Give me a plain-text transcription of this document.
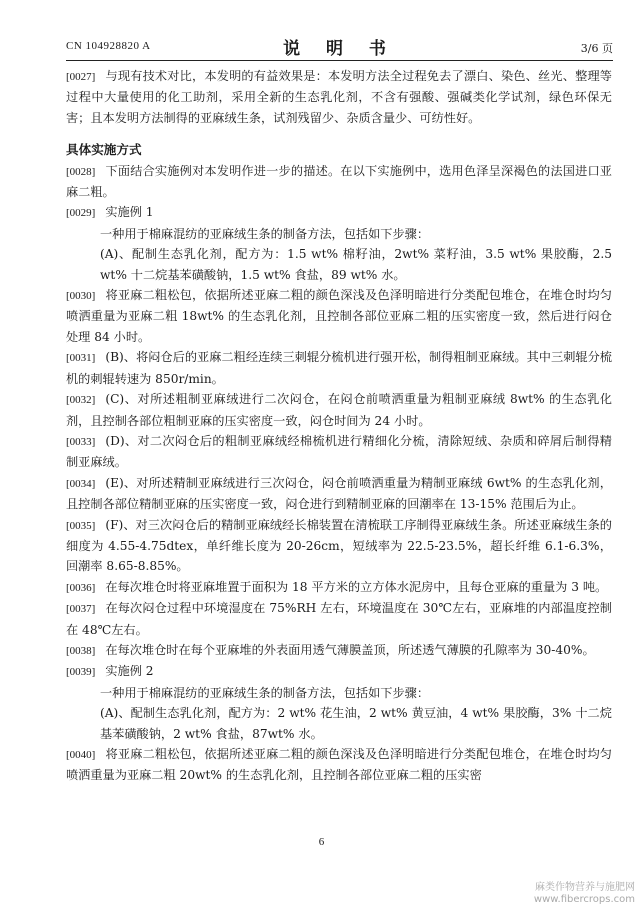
CN 104928820 A	说 明 书	3/6 页

[0027] 与现有技术对比，本发明的有益效果是：本发明方法全过程免去了漂白、染色、丝光、整理等过程中大量使用的化工助剂，采用全新的生态乳化剂，不含有强酸、强碱类化学试剂，绿色环保无害；且本发明方法制得的亚麻绒生条，试剂残留少、杂质含量少、可纺性好。

具体实施方式

[0028] 下面结合实施例对本发明作进一步的描述。在以下实施例中，选用色泽呈深褐色的法国进口亚麻二粗。

[0029] 实施例 1

一种用于棉麻混纺的亚麻绒生条的制备方法，包括如下步骤：

(A)、配制生态乳化剂，配方为：1.5 wt% 棉籽油，2wt% 菜籽油，3.5 wt% 果胶酶，2.5 wt% 十二烷基苯磺酸钠，1.5 wt% 食盐，89 wt% 水。

[0030] 将亚麻二粗松包，依据所述亚麻二粗的颜色深浅及色泽明暗进行分类配包堆仓，在堆仓时均匀喷洒重量为亚麻二粗 18wt% 的生态乳化剂，且控制各部位亚麻二粗的压实密度一致，然后进行闷仓处理 84 小时。

[0031] (B)、将闷仓后的亚麻二粗经连续三刺辊分梳机进行强开松，制得粗制亚麻绒。其中三刺辊分梳机的刺辊转速为 850r/min。

[0032] (C)、对所述粗制亚麻绒进行二次闷仓，在闷仓前喷洒重量为粗制亚麻绒 8wt% 的生态乳化剂，且控制各部位粗制亚麻的压实密度一致，闷仓时间为 24 小时。

[0033] (D)、对二次闷仓后的粗制亚麻绒经棉梳机进行精细化分梳，清除短绒、杂质和碎屑后制得精制亚麻绒。

[0034] (E)、对所述精制亚麻绒进行三次闷仓，闷仓前喷洒重量为精制亚麻绒 6wt% 的生态乳化剂，且控制各部位精制亚麻的压实密度一致，闷仓进行到精制亚麻的回潮率在 13-15% 范围后为止。

[0035] (F)、对三次闷仓后的精制亚麻绒经长棉装置在清梳联工序制得亚麻绒生条。所述亚麻绒生条的细度为 4.55-4.75dtex，单纤维长度为 20-26cm，短绒率为 22.5-23.5%，超长纤维 6.1-6.3%，回潮率 8.65-8.85%。

[0036] 在每次堆仓时将亚麻堆置于面积为 18 平方米的立方体水泥房中，且每仓亚麻的重量为 3 吨。

[0037] 在每次闷仓过程中环境湿度在 75%RH 左右，环境温度在 30℃左右，亚麻堆的内部温度控制在 48℃左右。

[0038] 在每次堆仓时在每个亚麻堆的外表面用透气薄膜盖顶，所述透气薄膜的孔隙率为 30-40%。

[0039] 实施例 2

一种用于棉麻混纺的亚麻绒生条的制备方法，包括如下步骤：

(A)、配制生态乳化剂，配方为：2 wt% 花生油，2 wt% 黄豆油，4 wt% 果胶酶，3% 十二烷基苯磺酸钠，2 wt% 食盐，87wt% 水。

[0040] 将亚麻二粗松包，依据所述亚麻二粗的颜色深浅及色泽明暗进行分类配包堆仓，在堆仓时均匀喷洒重量为亚麻二粗 20wt% 的生态乳化剂，且控制各部位亚麻二粗的压实密

6
麻类作物营养与施肥网
www.fibercrops.com
